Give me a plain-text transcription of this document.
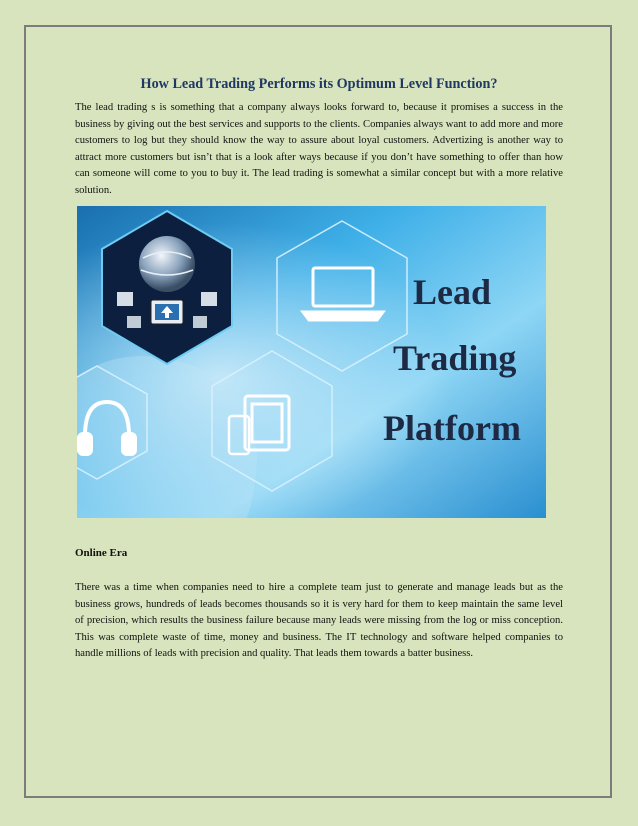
How Lead Trading Performs its Optimum Level Function?

The lead trading s is something that a company always looks forward to, because it promises a success in the business by giving out the best services and supports to the clients. Companies always want to add more and more customers to log but they should know the way to assure about loyal customers. Advertizing is another way to attract more customers but isn’t that is a look after ways because if you don’t have something to offer than how can someone will come to you to buy it. The lead trading is somewhat a similar concept but with a more relative solution.

Lead
Trading
Platform
Online Era

There was a time when companies need to hire a complete team just to generate and manage leads but as the business grows, hundreds of leads becomes thousands so it is very hard for them to keep maintain the same level of precision, which results the business failure because many leads were missing from the log or miss conception. This was complete waste of time, money and business. The IT technology and software helped companies to handle millions of leads with precision and quality. That leads them towards a batter business.
